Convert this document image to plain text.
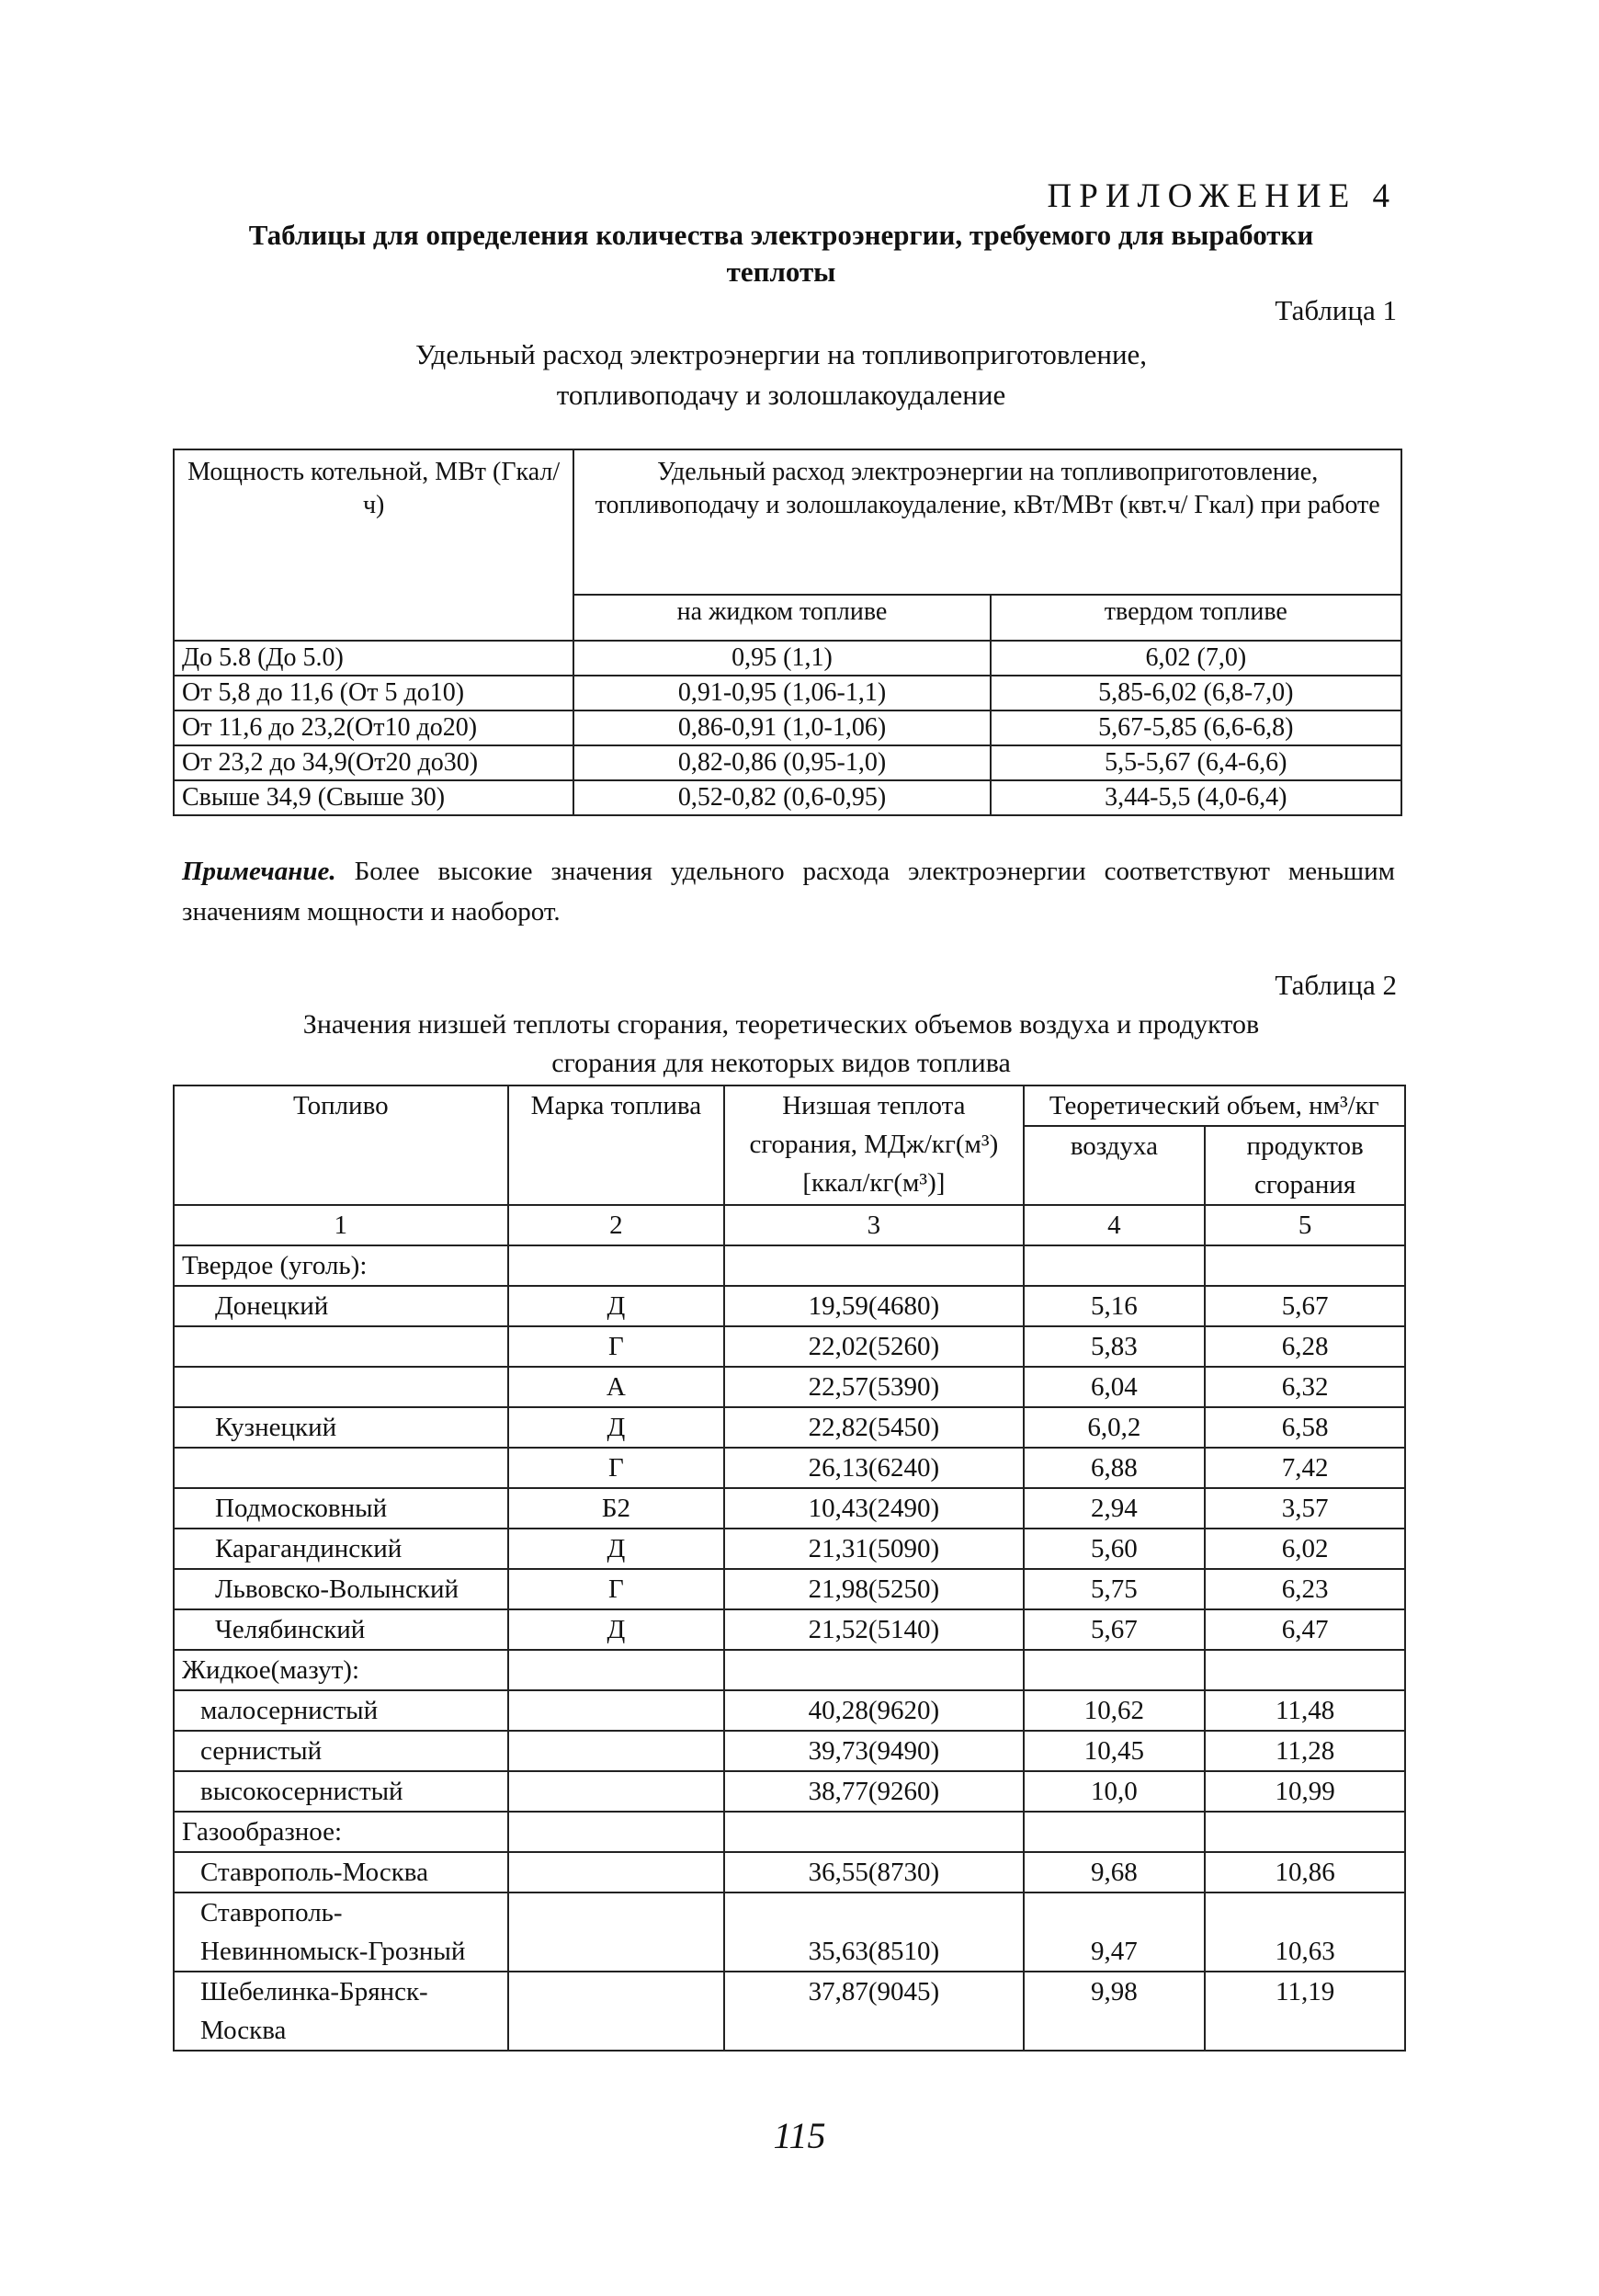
ПРИЛОЖЕНИЕ 4
Таблицы для определения количества электроэнергии, требуемого для выработки
теплоты
Таблица 1
Удельный расход электроэнергии на топливоприготовление,
топливоподачу и золошлакоудаление
Мощность котельной, МВт (Гкал/ч)	Удельный расход электроэнергии на топливоприготовление, топливоподачу и золошлакоудаление, кВт/МВт (квт.ч/ Гкал) при работе	
	на жидком топливе	твердом топливе
До 5.8 (До 5.0)	0,95 (1,1)	6,02 (7,0)
От 5,8 до 11,6 (От 5 до10)	0,91-0,95 (1,06-1,1)	5,85-6,02 (6,8-7,0)
От 11,6 до 23,2(От10 до20)	0,86-0,91 (1,0-1,06)	5,67-5,85 (6,6-6,8)
От 23,2 до 34,9(От20 до30)	0,82-0,86 (0,95-1,0)	5,5-5,67 (6,4-6,6)
Свыше 34,9 (Свыше 30)	0,52-0,82 (0,6-0,95)	3,44-5,5 (4,0-6,4)
Примечание. Более высокие значения удельного расхода электроэнергии соответствуют меньшим значениям мощности и наоборот.
Таблица 2
Значения низшей теплоты сгорания, теоретических объемов воздуха и продуктов
сгорания для некоторых видов топлива
Топливо	Марка топлива	Низшая теплота сгорания, МДж/кг(м³) [ккал/кг(м³)]	Теоретический объем, нм³/кг	
			воздуха	продуктов сгорания
1	2	3	4	5
Твердое (уголь):				
Донецкий	Д	19,59(4680)	5,16	5,67
	Г	22,02(5260)	5,83	6,28
	А	22,57(5390)	6,04	6,32
Кузнецкий	Д	22,82(5450)	6,0,2	6,58
	Г	26,13(6240)	6,88	7,42
Подмосковный	Б2	10,43(2490)	2,94	3,57
Карагандинский	Д	21,31(5090)	5,60	6,02
Львовско-Волынский	Г	21,98(5250)	5,75	6,23
Челябинский	Д	21,52(5140)	5,67	6,47
Жидкое(мазут):				
малосернистый		40,28(9620)	10,62	11,48
сернистый		39,73(9490)	10,45	11,28
высокосернистый		38,77(9260)	10,0	10,99
Газообразное:				
Ставрополь-Москва		36,55(8730)	9,68	10,86
Ставрополь-Невинномыск-Грозный		35,63(8510)	9,47	10,63
Шебелинка-Брянск-Москва		37,87(9045)	9,98	11,19
115
